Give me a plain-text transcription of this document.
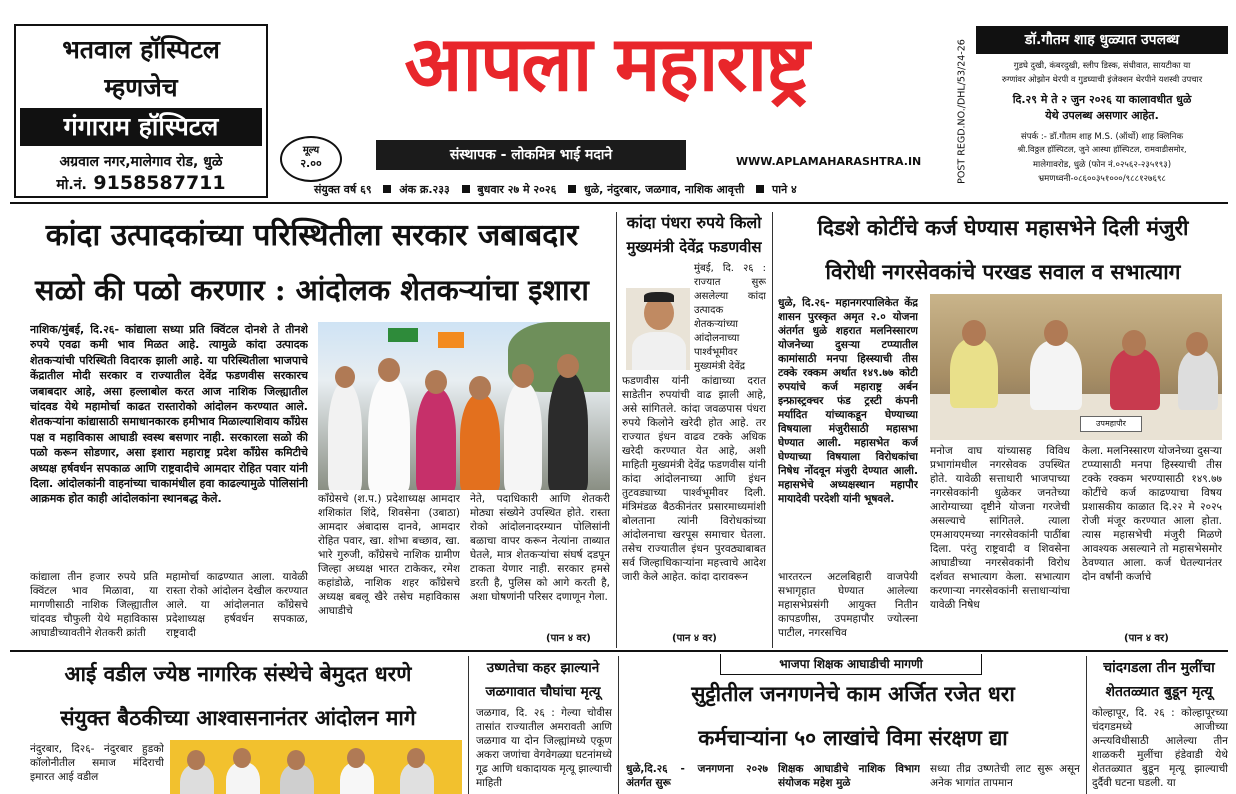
भतवाल हॉस्पिटल
म्हणजेच
गंगाराम हॉस्पिटल
अग्रवाल नगर,मालेगाव रोड, धुळे
मो.नं. 9158587711
आपला महाराष्ट्र
मूल्य
२.००
संस्थापक - लोकमित्र भाई मदाने	WWW.APLAMAHARASHTRA.IN
संयुक्त वर्ष ६९	अंक क्र.२३३	बुधवार २७ मे २०२६	धुळे, नंदुरबार, जळगाव, नाशिक आवृत्ती	पाने ४
POST REGD.NO./DHL/53/24-26	डॉ.गौतम शाह धुळ्यात उपलब्ध
गुडघे दुखी, कंबरदुखी, स्लीप डिस्क, संधीवात, सायटीका या
रुग्णांवर ओझोन थेरपी व गुडघ्याची इंजेक्शन थेरपीने यशस्वी उपचार
दि.२९ मे ते २ जुन २०२६ या कालावधीत धुळे
येथे उपलब्ध असणार आहेत.
संपर्क :- डॉ.गौतम शाह M.S. (ऑर्थो) शाह क्लिनिक
श्री.विठ्ठल हॉस्पिटल, जुने आस्था हॉस्पिटल, रामवाडीसमोर,
मालेगावरोड, धुळे (फोन नं.०२५६२-२३५१९३)
भ्रमणध्वनी-०८६००३५१०००/९८८१२७६९८
कांदा उत्पादकांच्या परिस्थितीला सरकार जबाबदार
सळो की पळो करणार : आंदोलक शेतकऱ्यांचा इशारा
नाशिक/मुंबई, दि.२६- कांद्याला सध्या प्रति क्विंटल दोनशे ते तीनशे रुपये एवढा कमी भाव मिळत आहे. त्यामुळे कांदा उत्पादक शेतकऱ्यांची परिस्थिती विदारक झाली आहे. या परिस्थितीला भाजपाचे केंद्रातील मोदी सरकार व राज्यातील देवेंद्र फडणवीस सरकारच जबाबदार आहे, असा हल्लाबोल करत आज नाशिक जिल्ह्यातील चांदवड येथे महामोर्चा काढत रास्तारोको आंदोलन करण्यात आले. शेतकऱ्यांना कांद्यासाठी समाधानकारक हमीभाव मिळाल्याशिवाय काँग्रेस पक्ष व महाविकास आघाडी स्वस्थ बसणार नाही. सरकारला सळो की पळो करून सोडणार, असा इशारा महाराष्ट्र प्रदेश काँग्रेस कमिटीचे अध्यक्ष हर्षवर्धन सपकाळ आणि राष्ट्रवादीचे आमदार रोहित पवार यांनी दिला. आंदोलकांनी वाहनांच्या चाकामंधील हवा काढल्यामुळे पोलिसांनी आक्रमक होत काही आंदोलकांना स्थानबद्ध केले.
कांद्याला तीन हजार रुपये प्रति क्विंटल भाव मिळावा, या मागणीसाठी नाशिक जिल्ह्यातील चांदवड चौफुली येथे महाविकास आघाडीच्यावतीने शेतकरी क्रांती
महामोर्चा काढण्यात आला. यावेळी रास्ता रोको आंदोलन देखील करण्यात आले. या आंदोलनात काँग्रेसचे प्रदेशाध्यक्ष हर्षवर्धन सपकाळ, राष्ट्रवादी
काँग्रेसचे (श.प.) प्रदेशाध्यक्ष आमदार शशिकांत शिंदे, शिवसेना (उबाठा) आमदार अंबादास दानवे, आमदार रोहित पवार, खा. शोभा बच्छाव, खा. भारे गुरुजी, काँग्रेसचे नाशिक ग्रामीण जिल्हा अध्यक्ष भारत टाकेकर, रमेश कहांडोळे, नाशिक शहर काँग्रेसचे अध्यक्ष बबलू खैरे तसेच महाविकास आघाडीचे
नेते, पदाधिकारी आणि शेतकरी मोठ्या संख्येने उपस्थित होते. रास्ता रोको आंदोलनादरम्यान पोलिसांनी बळाचा वापर करून नेत्यांना ताब्यात घेतले, मात्र शेतकऱ्यांचा संघर्ष दडपून टाकता येणार नाही. सरकार हमसे डरती है, पुलिस को आगे करती है, अशा घोषणांनी परिसर दणाणून गेला.
(पान ४ वर)
कांदा पंधरा रुपये किलो
मुख्यमंत्री देवेंद्र फडणवीस
मुंबई, दि. २६ : राज्यात सुरू असलेल्या कांदा उत्पादक शेतकऱ्यांच्या आंदोलनाच्या पार्श्वभूमीवर मुख्यमंत्री देवेंद्र
फडणवीस यांनी कांद्याच्या दरात साडेतीन रुपयांची वाढ झाली आहे, असे सांगितले. कांदा जवळपास पंधरा रुपये किलोने खरेदी होत आहे. तर राज्यात इंधन वाढव टक्के अधिक खरेदी करण्यात येत आहे, अशी माहिती मुख्यमंत्री देवेंद्र फडणवीस यांनी कांदा आंदोलनाच्या आणि इंधन तुटवड्याच्या पार्श्वभूमीवर दिली. मंत्रिमंडळ बैठकीनंतर प्रसारमाध्यमांशी बोलताना त्यांनी विरोधकांच्या आंदोलनाचा खरपूस समाचार घेतला. तसेच राज्यातील इंधन पुरवठ्याबाबत सर्व जिल्हाधिकाऱ्यांना महत्त्वाचे आदेश जारी केले आहेत. कांदा दारावरून
(पान ४ वर)
दिडशे कोटींचे कर्ज घेण्यास महासभेने दिली मंजुरी
विरोधी नगरसेवकांचे परखड सवाल व सभात्याग
धुळे, दि.२६- महानगरपालिकेत केंद्र शासन पुरस्कृत अमृत २.० योजना अंतर्गत धुळे शहरात मलनिस्सारण योजनेच्या दुसऱ्या टप्प्यातील कामांसाठी मनपा हिस्स्याची तीस टक्के रक्कम अर्थात १४९.७७ कोटी रुपयांचे कर्ज महाराष्ट्र अर्बन इन्फ्रास्ट्रक्चर फंड ट्रस्टी कंपनी मर्यादित यांच्याकडून घेण्याच्या विषयाला मंजुरीसाठी महासभा घेण्यात आली. महासभेत कर्ज घेण्याच्या विषयाला विरोधकांचा निषेध नोंदवून मंजुरी देण्यात आली. महासभेचे अध्यक्षस्थान महापौर मायादेवी परदेशी यांनी भूषवले.
भारतरत्न अटलबिहारी वाजपेयी सभागृहात घेण्यात आलेल्या महासभेप्रसंगी आयुक्त नितीन कापडणीस, उपमहापौर ज्योत्स्ना पाटील, नगरसचिव
उपमहापौर
मनोज वाघ यांच्यासह विविध प्रभागांमधील नगरसेवक उपस्थित होते. यावेळी सत्ताधारी भाजपाच्या नगरसेवकांनी धुळेकर जनतेच्या आरोग्याच्या दृष्टीने योजना गरजेची असल्याचे सांगितले. त्याला एमआयएमच्या नगरसेवकांनी पाठींबा दिला. परंतु राष्ट्रवादी व शिवसेना आघाडीच्या नगरसेवकांनी विरोध दर्शवत सभात्याग केला. सभात्याग करणाऱ्या नगरसेवकांनी सत्ताधाऱ्यांचा यावेळी निषेध
केला. मलनिस्सारण योजनेच्या दुसऱ्या टप्प्यासाठी मनपा हिस्स्याची तीस टक्के रक्कम भरण्यासाठी १४९.७७ कोटींचे कर्ज काढण्याचा विषय प्रशासकीय काळात दि.२२ मे २०२५ रोजी मंजूर करण्यात आला होता. त्यास महासभेची मंजुरी मिळणे आवश्यक असल्याने तो महासभेसमोर ठेवण्यात आला. कर्ज घेतल्यानंतर दोन वर्षांनी कर्जाचे
(पान ४ वर)
आई वडील ज्येष्ठ नागरिक संस्थेचे बेमुदत धरणे
संयुक्त बैठकीच्या आश्वासनानंतर आंदोलन मागे
नंदुरबार, दि२६- नंदुरबार हुडको कॉलोनीतील समाज मंदिराची इमारत आई वडील
उष्णतेचा कहर झाल्याने
जळगावात चौघांचा मृत्यू
जळगाव, दि. २६ : गेल्या चोवीस तासांत राज्यातील अमरावती आणि जळगाव या दोन जिल्ह्यांमध्ये एकूण अकरा जणांचा वेगवेगळ्या घटनांमध्ये गूढ आणि धकादायक मृत्यू झाल्याची माहिती
भाजपा शिक्षक आघाडीची मागणी
सुट्टीतील जनगणनेचे काम अर्जित रजेत धरा
कर्मचाऱ्यांना ५० लाखांचे विमा संरक्षण द्या
धुळे,दि.२६ - जनगणना २०२७ अंतर्गत सुरू
शिक्षक आघाडीचे नाशिक विभाग संयोजक महेश मुळे
सध्या तीव्र उष्णतेची लाट सुरू असून अनेक भागांत तापमान
चांदगडला तीन मुलींचा
शेततळ्यात बुडून मृत्यू
कोल्हापूर, दि. २६ : कोल्हापूरच्या चंदगडमध्ये आजीच्या अन्त्यविधीसाठी आलेल्या तीन शाळकरी मुलींचा हंडेवाडी येथे शेततळ्यात बुडून मृत्यू झाल्याची दुर्दैवी घटना घडली. या
